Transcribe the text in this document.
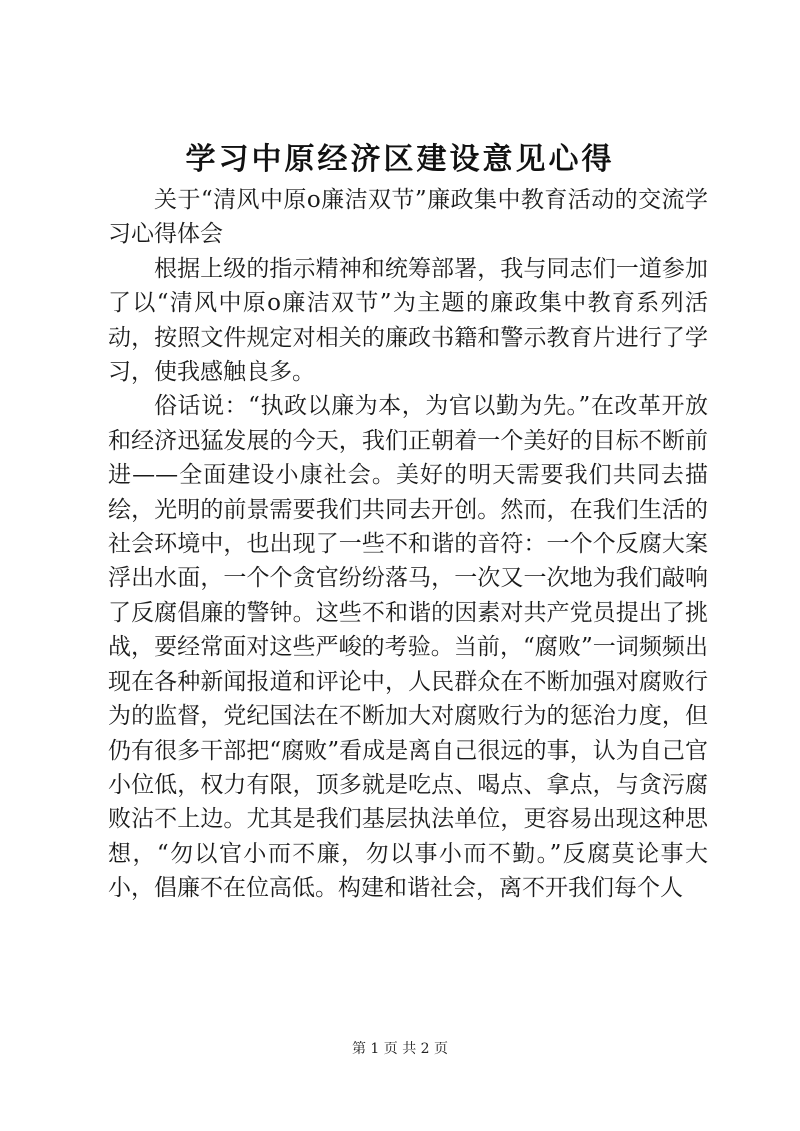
学习中原经济区建设意见心得

关于“清风中原o廉洁双节”廉政集中教育活动的交流学习心得体会

根据上级的指示精神和统筹部署，我与同志们一道参加了以“清风中原o廉洁双节”为主题的廉政集中教育系列活动，按照文件规定对相关的廉政书籍和警示教育片进行了学习，使我感触良多。

俗话说：“执政以廉为本，为官以勤为先。”在改革开放和经济迅猛发展的今天，我们正朝着一个美好的目标不断前进——全面建设小康社会。美好的明天需要我们共同去描绘，光明的前景需要我们共同去开创。然而，在我们生活的社会环境中，也出现了一些不和谐的音符：一个个反腐大案浮出水面，一个个贪官纷纷落马，一次又一次地为我们敲响了反腐倡廉的警钟。这些不和谐的因素对共产党员提出了挑战，要经常面对这些严峻的考验。当前，“腐败”一词频频出现在各种新闻报道和评论中，人民群众在不断加强对腐败行为的监督，党纪国法在不断加大对腐败行为的惩治力度，但仍有很多干部把“腐败”看成是离自己很远的事，认为自己官小位低，权力有限，顶多就是吃点、喝点、拿点，与贪污腐败沾不上边。尤其是我们基层执法单位，更容易出现这种思想，“勿以官小而不廉，勿以事小而不勤。”反腐莫论事大小，倡廉不在位高低。构建和谐社会，离不开我们每个人

第 1 页 共 2 页
